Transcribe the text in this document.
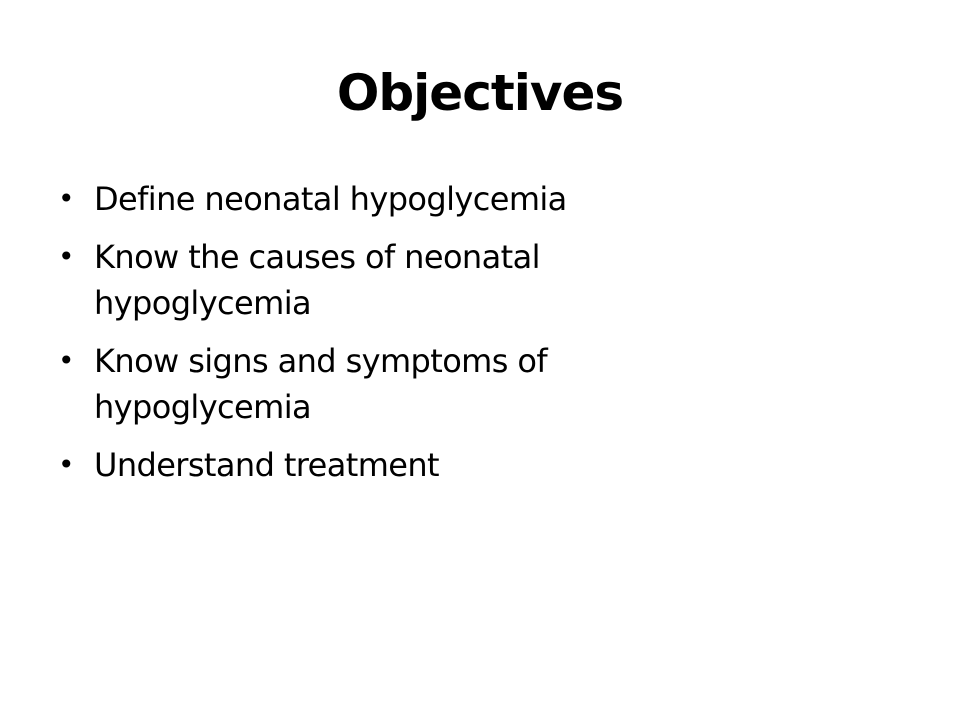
Objectives
• Define neonatal hypoglycemia
• Know the causes of neonatal hypoglycemia
• Know signs and symptoms of hypoglycemia
• Understand treatment
